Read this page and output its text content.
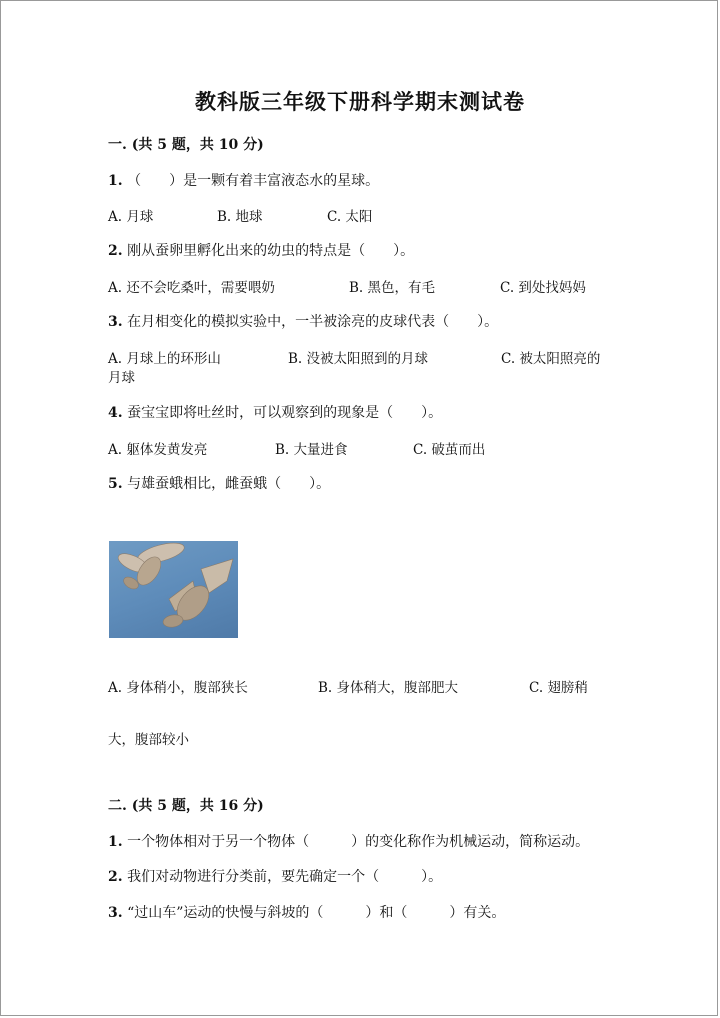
教科版三年级下册科学期末测试卷
一. (共 5 题，共 10 分)
1. （　　）是一颗有着丰富液态水的星球。
A. 月球	B. 地球	C. 太阳
2. 刚从蚕卵里孵化出来的幼虫的特点是（　　）。
A. 还不会吃桑叶，需要喂奶	B. 黑色，有毛	C. 到处找妈妈
3. 在月相变化的模拟实验中，一半被涂亮的皮球代表（　　）。
A. 月球上的环形山	B. 没被太阳照到的月球	C. 被太阳照亮的
月球
4. 蚕宝宝即将吐丝时，可以观察到的现象是（　　）。
A. 躯体发黄发亮	B. 大量进食	C. 破茧而出
5. 与雄蚕蛾相比，雌蚕蛾（　　）。
A. 身体稍小，腹部狭长	B. 身体稍大，腹部肥大	C. 翅膀稍
大，腹部较小
二. (共 5 题，共 16 分)
1. 一个物体相对于另一个物体（　　　）的变化称作为机械运动，简称运动。
2. 我们对动物进行分类前，要先确定一个（　　　）。
3. “过山车”运动的快慢与斜坡的（　　　）和（　　　）有关。
